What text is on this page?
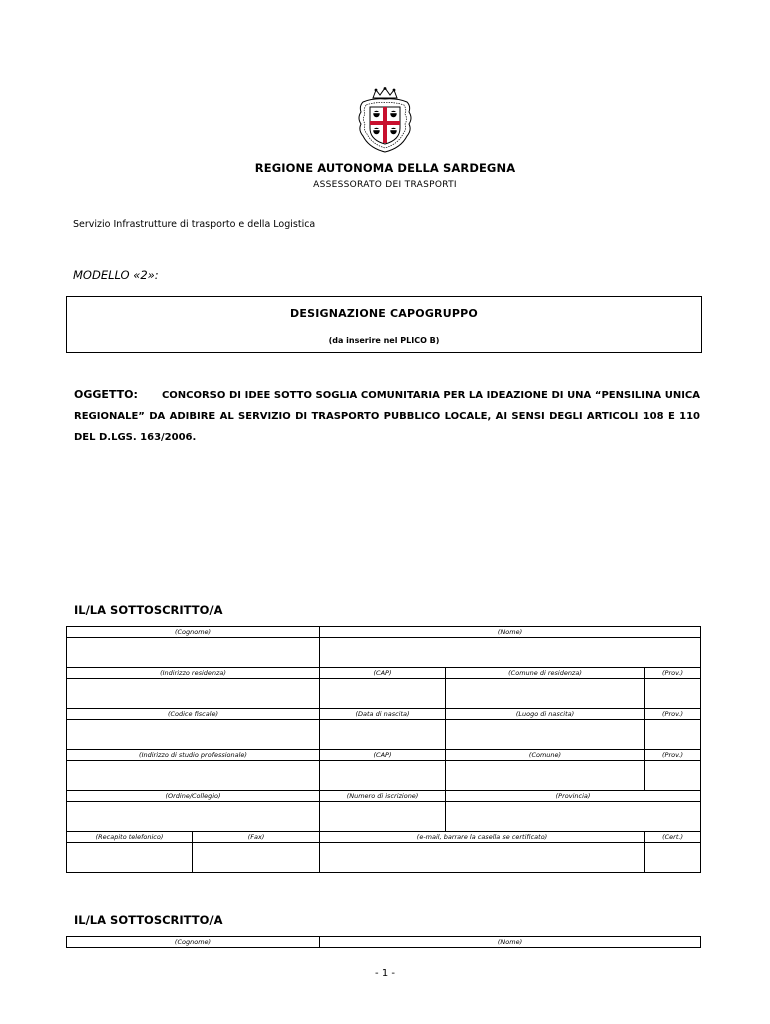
REGIONE AUTONOMA DELLA SARDEGNA
ASSESSORATO DEI TRASPORTI
Servizio Infrastrutture di trasporto e della Logistica
MODELLO «2»:
DESIGNAZIONE CAPOGRUPPO
(da inserire nel PLICO B)
OGGETTO: CONCORSO DI IDEE SOTTO SOGLIA COMUNITARIA PER LA IDEAZIONE DI UNA “PENSILINA UNICA REGIONALE” DA ADIBIRE AL SERVIZIO DI TRASPORTO PUBBLICO LOCALE, AI SENSI DEGLI ARTICOLI 108 E 110 DEL D.LGS. 163/2006.
IL/LA SOTTOSCRITTO/A
(Cognome)		(Nome)		

(Indirizzo residenza)		(CAP)	(Comune di residenza)	(Prov.)

(Codice fiscale)		(Data di nascita)	(Luogo di nascita)	(Prov.)

(Indirizzo di studio professionale)		(CAP)	(Comune)	(Prov.)

(Ordine/Collegio)		(Numero di iscrizione)	(Provincia)	

(Recapito telefonico)	(Fax)	(e-mail, barrare la casella se certificato)		(Cert.)

IL/LA SOTTOSCRITTO/A
(Cognome)	(Nome)
- 1 -
